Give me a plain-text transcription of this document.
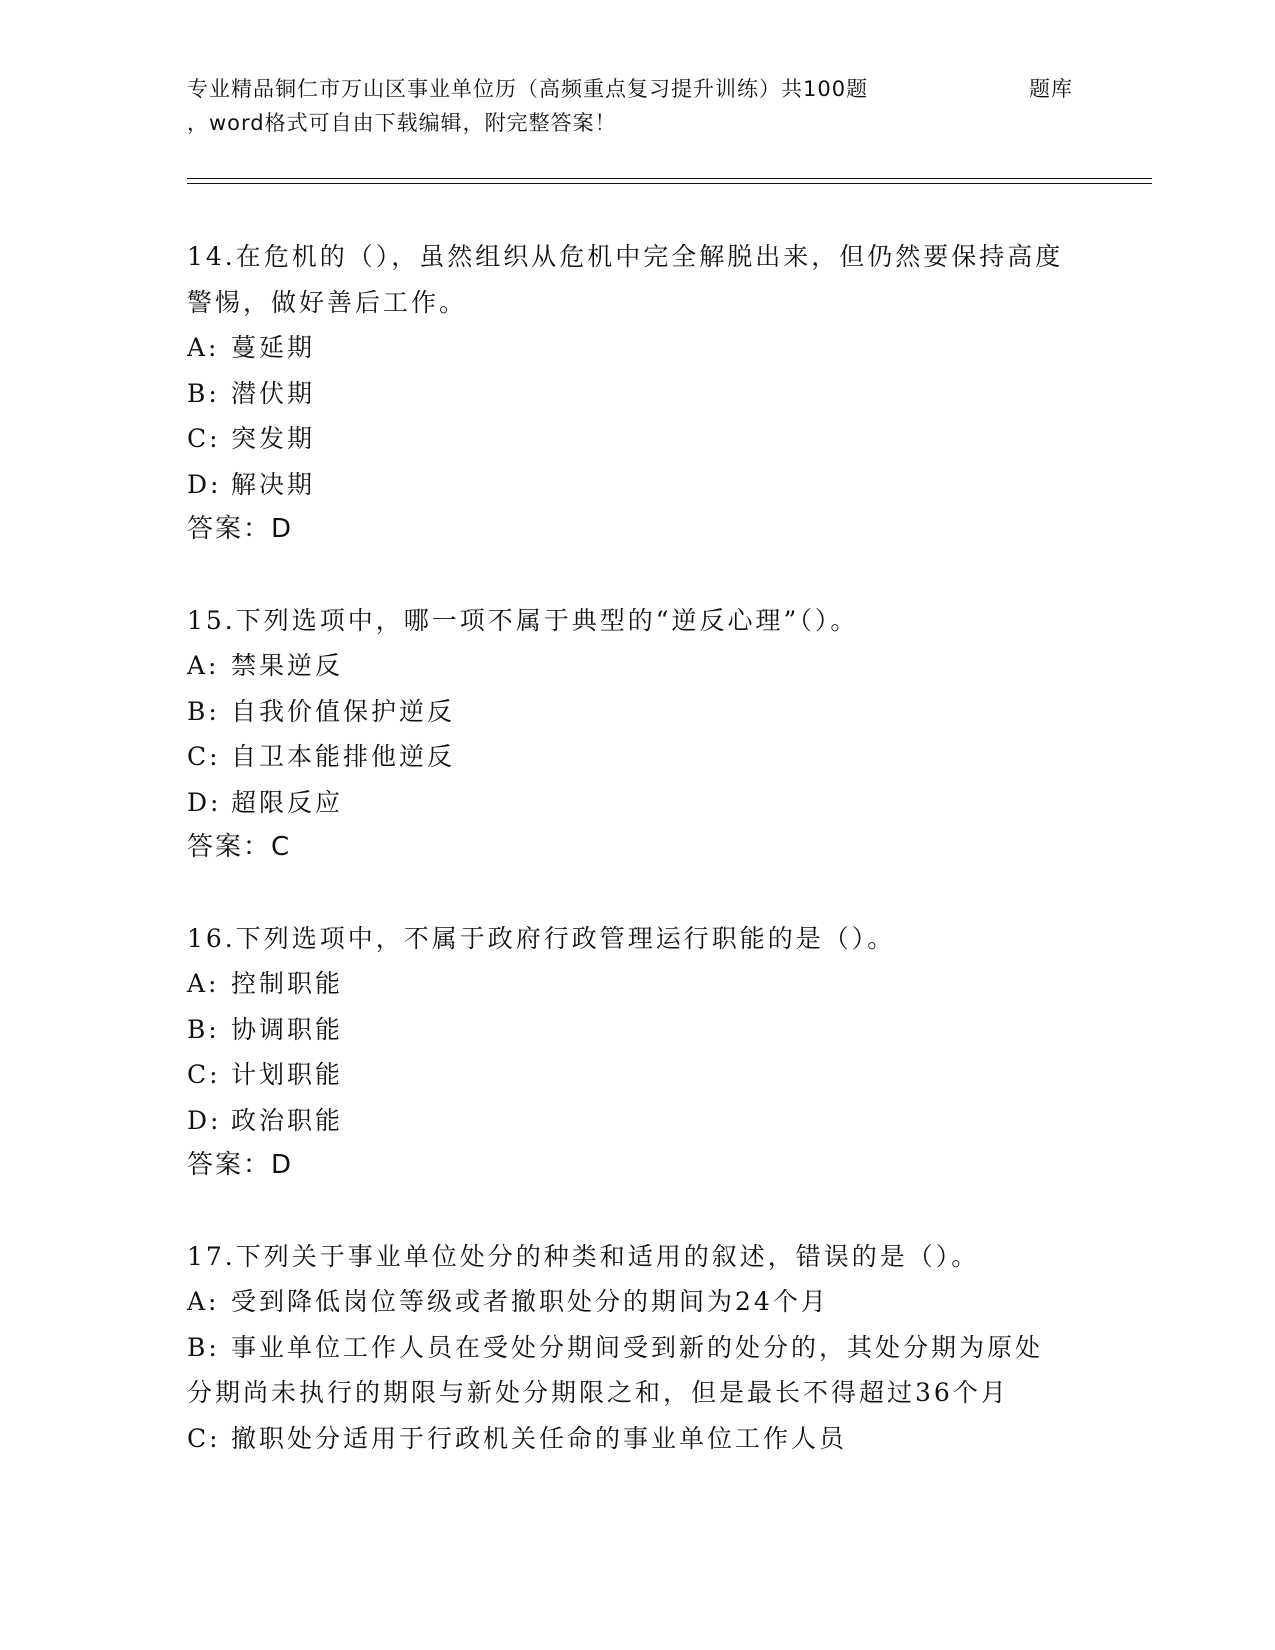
专业精品铜仁市万山区事业单位历（高频重点复习提升训练）共100题	题库
，word格式可自由下载编辑，附完整答案！
14.在危机的（），虽然组织从危机中完全解脱出来，但仍然要保持高度警惕，做好善后工作。
A: 蔓延期
B: 潜伏期
C: 突发期
D: 解决期
答案：D
15.下列选项中，哪一项不属于典型的“逆反心理”（）。
A: 禁果逆反
B: 自我价值保护逆反
C: 自卫本能排他逆反
D: 超限反应
答案：C
16.下列选项中，不属于政府行政管理运行职能的是（）。
A: 控制职能
B: 协调职能
C: 计划职能
D: 政治职能
答案：D
17.下列关于事业单位处分的种类和适用的叙述，错误的是（）。
A: 受到降低岗位等级或者撤职处分的期间为24个月
B: 事业单位工作人员在受处分期间受到新的处分的，其处分期为原处分期尚未执行的期限与新处分期限之和，但是最长不得超过36个月
C: 撤职处分适用于行政机关任命的事业单位工作人员
